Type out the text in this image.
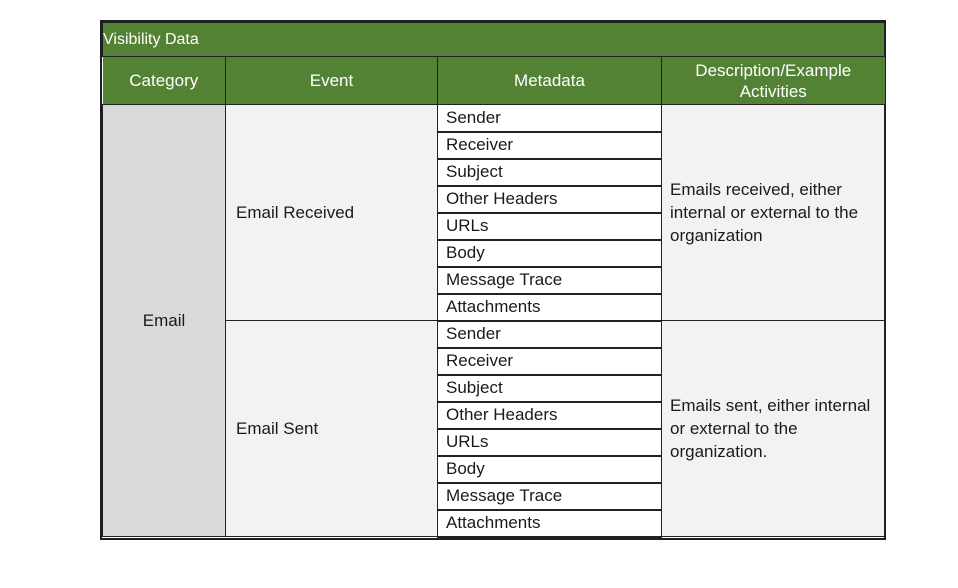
Visibility Data			
Category	Event	Metadata	Description/Example Activities
Email	Email Received	Sender	Emails received, either internal or external to the organization
		Receiver	
		Subject	
		Other Headers	
		URLs	
		Body	
		Message Trace	
		Attachments	
	Email Sent	Sender	Emails sent, either internal or external to the organization.
		Receiver	
		Subject	
		Other Headers	
		URLs	
		Body	
		Message Trace	
		Attachments	
